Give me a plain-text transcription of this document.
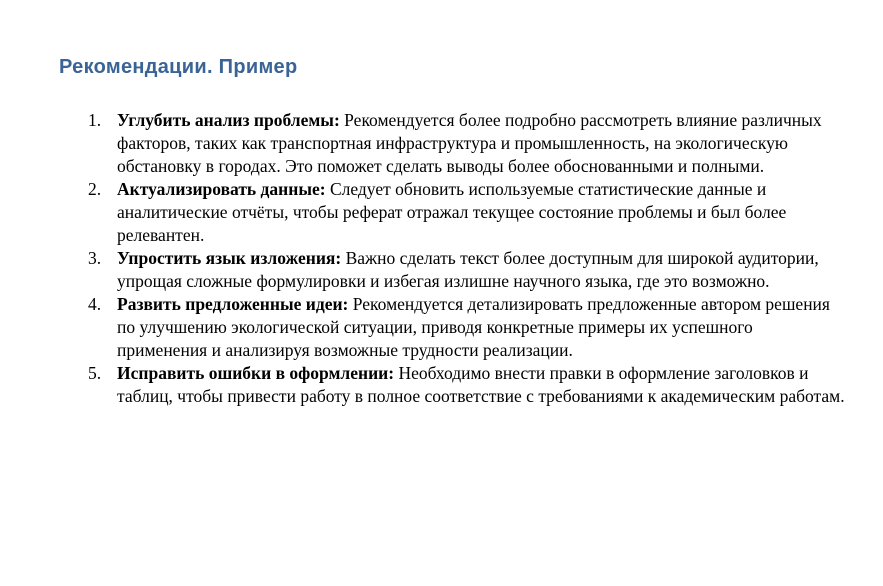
Рекомендации. Пример
1. Углубить анализ проблемы: Рекомендуется более подробно рассмотреть влияние различных факторов, таких как транспортная инфраструктура и промышленность, на экологическую обстановку в городах. Это поможет сделать выводы более обоснованными и полными.
2. Актуализировать данные: Следует обновить используемые статистические данные и аналитические отчёты, чтобы реферат отражал текущее состояние проблемы и был более релевантен.
3. Упростить язык изложения: Важно сделать текст более доступным для широкой аудитории, упрощая сложные формулировки и избегая излишне научного языка, где это возможно.
4. Развить предложенные идеи: Рекомендуется детализировать предложенные автором решения по улучшению экологической ситуации, приводя конкретные примеры их успешного применения и анализируя возможные трудности реализации.
5. Исправить ошибки в оформлении: Необходимо внести правки в оформление заголовков и таблиц, чтобы привести работу в полное соответствие с требованиями к академическим работам.
